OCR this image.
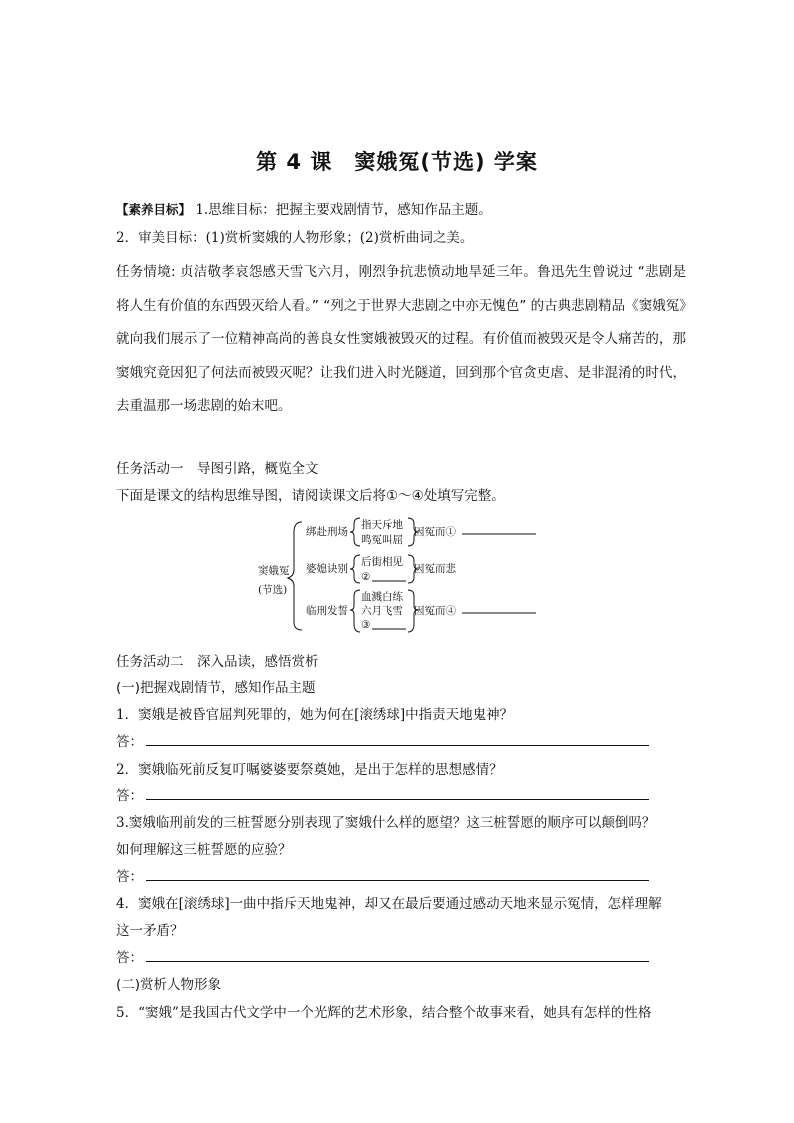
第 4 课　窦娥冤(节选) 学案
【素养目标】 1.思维目标：把握主要戏剧情节，感知作品主题。
2．审美目标：(1)赏析窦娥的人物形象；(2)赏析曲词之美。
任务情境: 贞洁敬孝哀怨感天雪飞六月，刚烈争抗悲愤动地旱延三年。鲁迅先生曾说过 “悲剧是将人生有价值的东西毁灭给人看。” “列之于世界大悲剧之中亦无愧色” 的古典悲剧精品《窦娥冤》就向我们展示了一位精神高尚的善良女性窦娥被毁灭的过程。有价值而被毁灭是令人痛苦的，那窦娥究竟因犯了何法而被毁灭呢？让我们进入时光隧道，回到那个官贪吏虐、是非混淆的时代，去重温那一场悲剧的始末吧。
任务活动一　导图引路，概览全文
下面是课文的结构思维导图，请阅读课文后将①～④处填写完整。
窦娥冤
(节选)
绑赴刑场
指天斥地
鸣冤叫屈
因冤而①
婆媳诀别
后街相见
②
因冤而悲
临刑发誓
血溅白练
六月飞雪
③
因冤而④
任务活动二　深入品读，感悟赏析
(一)把握戏剧情节，感知作品主题
1．窦娥是被昏官屈判死罪的，她为何在[滚绣球]中指责天地鬼神？
答：
2．窦娥临死前反复叮嘱婆婆要祭奠她，是出于怎样的思想感情？
答：
3.窦娥临刑前发的三桩誓愿分别表现了窦娥什么样的愿望？这三桩誓愿的顺序可以颠倒吗？
如何理解这三桩誓愿的应验？
答：
4．窦娥在[滚绣球]一曲中指斥天地鬼神，却又在最后要通过感动天地来显示冤情，怎样理解
这一矛盾？
答：
(二)赏析人物形象
5．“窦娥”是我国古代文学中一个光辉的艺术形象，结合整个故事来看，她具有怎样的性格
